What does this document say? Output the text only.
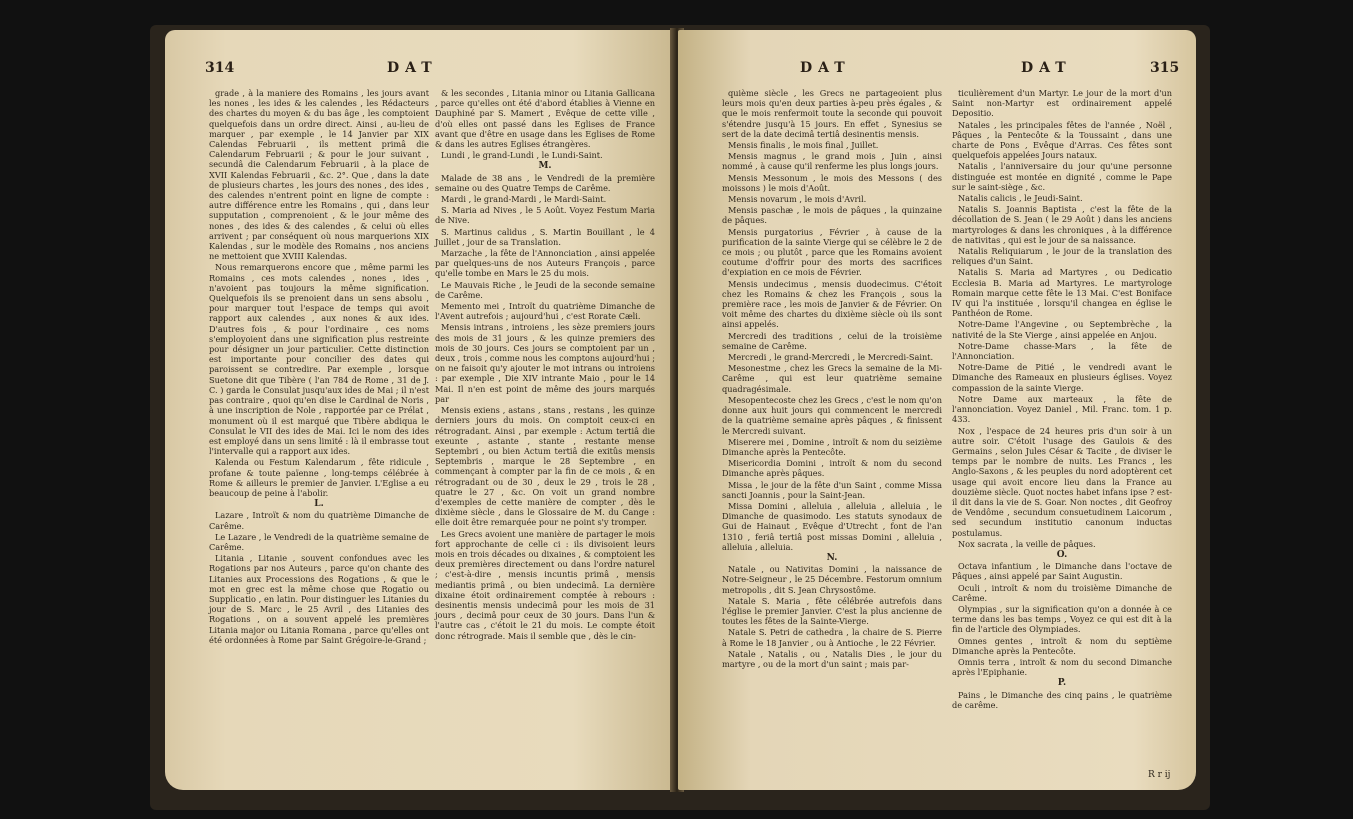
314	DAT

grade , à la maniere des Romains , les jours avant les nones , les ides & les calendes , les Rédacteurs des chartes du moyen & du bas âge , les comptoient quelquefois dans un ordre direct. Ainsi , au-lieu de marquer , par exemple , le 14 Janvier par XIX Calendas Februarii , ils mettent primâ die Calendarum Februarii ; & pour le jour suivant , secundâ die Calendarum Februarii , à la place de XVII Kalendas Februarii , &c. 2°. Que , dans la date de plusieurs chartes , les jours des nones , des ides , des calendes n'entrent point en ligne de compte : autre différence entre les Romains , qui , dans leur supputation , comprenoient , & le jour même des nones , des ides & des calendes , & celui où elles arrivent ; par conséquent où nous marquerions XIX Kalendas , sur le modèle des Romains , nos anciens ne mettoient que XVIII Kalendas.

Nous remarquerons encore que , même parmi les Romains , ces mots calendes , nones , ides , n'avoient pas toujours la même signification. Quelquefois ils se prenoient dans un sens absolu , pour marquer tout l'espace de temps qui avoit rapport aux calendes , aux nones & aux ides. D'autres fois , & pour l'ordinaire , ces noms s'employoient dans une signification plus restreinte pour désigner un jour particulier. Cette distinction est importante pour concilier des dates qui paroissent se contredire. Par exemple , lorsque Suetone dit que Tibère ( l'an 784 de Rome , 31 de J. C. ) garda le Consulat jusqu'aux ides de Mai ; il n'est pas contraire , quoi qu'en dise le Cardinal de Noris , à une inscription de Nole , rapportée par ce Prélat , monument où il est marqué que Tibère abdiqua le Consulat le VII des ides de Mai. Ici le nom des ides est employé dans un sens limité : là il embrasse tout l'intervalle qui a rapport aux ides.

Kalenda ou Festum Kalendarum , fête ridicule , profane & toute païenne , long-temps célébrée à Rome & ailleurs le premier de Janvier. L'Eglise a eu beaucoup de peine à l'abolir.

L.

Lazare , Introït & nom du quatrième Dimanche de Carême.

Le Lazare , le Vendredi de la quatrième semaine de Carême.

Litania , Litanie , souvent confondues avec les Rogations par nos Auteurs , parce qu'on chante des Litanies aux Processions des Rogations , & que le mot en grec est la même chose que Rogatio ou Supplicatio , en latin. Pour distinguer les Litanies du jour de S. Marc , le 25 Avril , des Litanies des Rogations , on a souvent appelé les premières Litania major ou Litania Romana , parce qu'elles ont été ordonnées à Rome par Saint Grégoire-le-Grand ;

& les secondes , Litania minor ou Litania Gallicana , parce qu'elles ont été d'abord établies à Vienne en Dauphiné par S. Mamert , Evêque de cette ville , d'où elles ont passé dans les Eglises de France avant que d'être en usage dans les Eglises de Rome & dans les autres Eglises étrangères.

Lundi , le grand-Lundi , le Lundi-Saint.

M.

Malade de 38 ans , le Vendredi de la première semaine ou des Quatre Temps de Carême.

Mardi , le grand-Mardi , le Mardi-Saint.

S. Maria ad Nives , le 5 Août. Voyez Festum Maria de Nive.

S. Martinus calidus , S. Martin Bouillant , le 4 Juillet , jour de sa Translation.

Marzache , la fête de l'Annonciation , ainsi appelée par quelques-uns de nos Auteurs François , parce qu'elle tombe en Mars le 25 du mois.

Le Mauvais Riche , le Jeudi de la seconde semaine de Carême.

Memento mei , Introït du quatrième Dimanche de l'Avent autrefois ; aujourd'hui , c'est Rorate Cæli.

Mensis intrans , introiens , les sèze premiers jours des mois de 31 jours , & les quinze premiers des mois de 30 jours. Ces jours se comptoient par un , deux , trois , comme nous les comptons aujourd'hui ; on ne faisoit qu'y ajouter le mot intrans ou introiens : par exemple , Die XIV intrante Maio , pour le 14 Mai. Il n'en est point de même des jours marqués par

Mensis exiens , astans , stans , restans , les quinze derniers jours du mois. On comptoit ceux-ci en rétrogradant. Ainsi , par exemple : Actum tertiâ die exeunte , astante , stante , restante mense Septembri , ou bien Actum tertiâ die exitûs mensis Septembris , marque le 28 Septembre , en commençant à compter par la fin de ce mois , & en rétrogradant ou de 30 , deux le 29 , trois le 28 , quatre le 27 , &c. On voit un grand nombre d'exemples de cette manière de compter , dès le dixième siècle , dans le Glossaire de M. du Cange : elle doit être remarquée pour ne point s'y tromper.

Les Grecs avoient une manière de partager le mois fort approchante de celle ci : ils divisoient leurs mois en trois décades ou dixaines , & comptoient les deux premières directement ou dans l'ordre naturel ; c'est-à-dire , mensis incuntis primâ , mensis mediantis primâ , ou bien undecimâ. La dernière dixaine étoit ordinairement comptée à rebours : desinentis mensis undecimâ pour les mois de 31 jours , decimâ pour ceux de 30 jours. Dans l'un & l'autre cas , c'étoit le 21 du mois. Le compte étoit donc rétrograde. Mais il semble que , dès le cin-

DAT	DAT	315

quième siècle , les Grecs ne partageoient plus leurs mois qu'en deux parties à-peu près égales , & que le mois renfermoit toute la seconde qui pouvoit s'étendre jusqu'à 15 jours. En effet , Synesius se sert de la date decimâ tertiâ desinentis mensis.

Mensis finalis , le mois final , Juillet.

Mensis magnus , le grand mois , Juin , ainsi nommé , à cause qu'il renferme les plus longs jours.

Mensis Messonum , le mois des Messons ( des moissons ) le mois d'Août.

Mensis novarum , le mois d'Avril.

Mensis paschæ , le mois de pâques , la quinzaine de pâques.

Mensis purgatorius , Février , à cause de la purification de la sainte Vierge qui se célèbre le 2 de ce mois ; ou plutôt , parce que les Romains avoient coutume d'offrir pour des morts des sacrifices d'expiation en ce mois de Février.

Mensis undecimus , mensis duodecimus. C'étoit chez les Romains & chez les François , sous la première race , les mois de Janvier & de Février. On voit même des chartes du dixième siècle où ils sont ainsi appelés.

Mercredi des traditions , celui de la troisième semaine de Carême.

Mercredi , le grand-Mercredi , le Mercredi-Saint.

Mesonestme , chez les Grecs la semaine de la Mi-Carême , qui est leur quatrième semaine quadragésimale.

Mesopentecoste chez les Grecs , c'est le nom qu'on donne aux huit jours qui commencent le mercredi de la quatrième semaine après pâques , & finissent le Mercredi suivant.

Miserere mei , Domine , introït & nom du seizième Dimanche après la Pentecôte.

Misericordia Domini , introït & nom du second Dimanche après pâques.

Missa , le jour de la fête d'un Saint , comme Missa sancti Joannis , pour la Saint-Jean.

Missa Domini , alleluia , alleluia , alleluia , le Dimanche de quasimodo. Les statuts synodaux de Gui de Hainaut , Evêque d'Utrecht , font de l'an 1310 , feriâ tertiâ post missas Domini , alleluia , alleluia , alleluia.

N.

Natale , ou Nativitas Domini , la naissance de Notre-Seigneur , le 25 Décembre. Festorum omnium metropolis , dit S. Jean Chrysostôme.

Natale S. Maria , fête célébrée autrefois dans l'église le premier Janvier. C'est la plus ancienne de toutes les fêtes de la Sainte-Vierge.

Natale S. Petri de cathedra , la chaire de S. Pierre à Rome le 18 Janvier , ou à Antioche , le 22 Février.

Natale , Natalis , ou , Natalis Dies , le jour du martyre , ou de la mort d'un saint ; mais par-

ticulièrement d'un Martyr. Le jour de la mort d'un Saint non-Martyr est ordinairement appelé Depositio.

Natales , les principales fêtes de l'année , Noël , Pâques , la Pentecôte & la Toussaint , dans une charte de Pons , Evêque d'Arras. Ces fêtes sont quelquefois appelées Jours nataux.

Natalis , l'anniversaire du jour qu'une personne distinguée est montée en dignité , comme le Pape sur le saint-siège , &c.

Natalis calicis , le Jeudi-Saint.

Natalis S. Joannis Baptista , c'est la fête de la décollation de S. Jean ( le 29 Août ) dans les anciens martyrologes & dans les chroniques , à la différence de nativitas , qui est le jour de sa naissance.

Natalis Reliquiarum , le jour de la translation des reliques d'un Saint.

Natalis S. Maria ad Martyres , ou Dedicatio Ecclesia B. Maria ad Martyres. Le martyrologe Romain marque cette fête le 13 Mai. C'est Boniface IV qui l'a instituée , lorsqu'il changea en église le Panthéon de Rome.

Notre-Dame l'Angevine , ou Septembrèche , la nativité de la Ste Vierge , ainsi appelée en Anjou.

Notre-Dame chasse-Mars , la fête de l'Annonciation.

Notre-Dame de Pitié , le vendredi avant le Dimanche des Rameaux en plusieurs églises. Voyez compassion de la sainte Vierge.

Notre Dame aux marteaux , la fête de l'annonciation. Voyez Daniel , Mil. Franc. tom. 1 p. 433.

Nox , l'espace de 24 heures pris d'un soir à un autre soir. C'étoit l'usage des Gaulois & des Germains , selon Jules César & Tacite , de diviser le temps par le nombre de nuits. Les Francs , les Anglo-Saxons , & les peuples du nord adoptèrent cet usage qui avoit encore lieu dans la France au douzième siècle. Quot noctes habet infans ipse ? est-il dit dans la vie de S. Goar. Non noctes , dit Geofroy de Vendôme , secundum consuetudinem Laicorum , sed secundum institutio canonum inductas postulamus.

Nox sacrata , la veille de pâques.

O.

Octava infantium , le Dimanche dans l'octave de Pâques , ainsi appelé par Saint Augustin.

Oculi , introït & nom du troisième Dimanche de Carême.

Olympias , sur la signification qu'on a donnée à ce terme dans les bas temps , Voyez ce qui est dit à la fin de l'article des Olympiades.

Omnes gentes , introït & nom du septième Dimanche après la Pentecôte.

Omnis terra , introït & nom du second Dimanche après l'Epiphanie.

P.

Pains , le Dimanche des cinq pains , le quatrième de carême.

R r ij
